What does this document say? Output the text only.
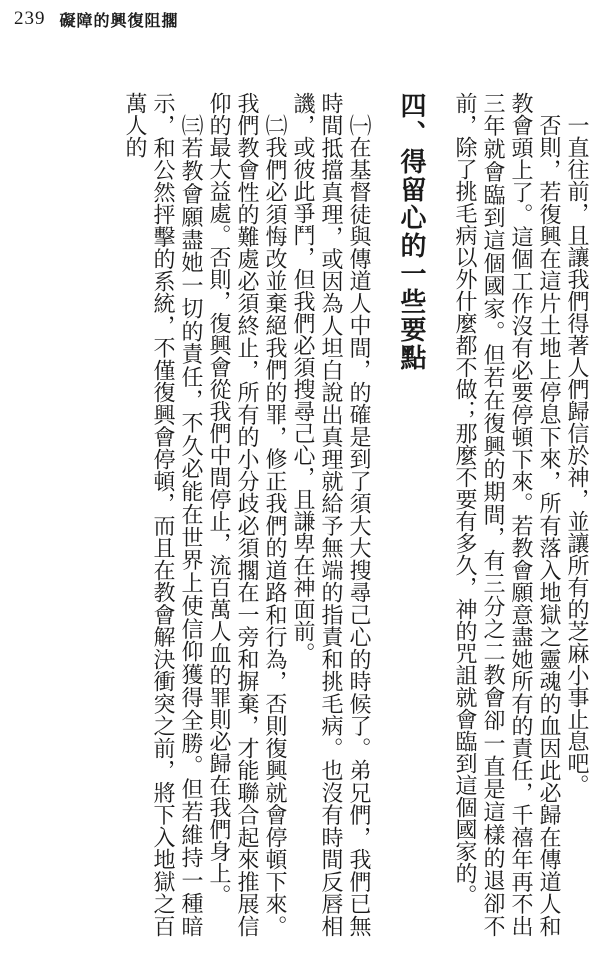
239 礙障的興復阻擱

一直往前，且讓我們得著人們歸信於神，並讓所有的芝麻小事止息吧。

否則，若復興在這片土地上停息下來，所有落入地獄之靈魂的血因此必歸在傳道人和教會頭上了。這個工作沒有必要停頓下來。若教會願意盡她所有的責任，千禧年再不出三年就會臨到這個國家。但若在復興的期間，有三分之二教會卻一直是這樣的退卻不前，除了挑毛病以外什麼都不做；那麼不要有多久，神的咒詛就會臨到這個國家的。

四、得留心的一些要點

㈠在基督徒與傳道人中間，的確是到了須大大搜尋己心的時候了。弟兄們，我們已無時間抵擋真理，或因為人坦白說出真理就給予無端的指責和挑毛病。也沒有時間反唇相譏，或彼此爭鬥，但我們必須搜尋己心，且謙卑在神面前。

㈡我們必須悔改並棄絕我們的罪，修正我們的道路和行為，否則復興就會停頓下來。我們教會性的難處必須終止，所有的小分歧必須擱在一旁和摒棄，才能聯合起來推展信仰的最大益處。否則，復興會從我們中間停止，流百萬人血的罪則必歸在我們身上。

㈢若教會願盡她一切的責任，不久必能在世界上使信仰獲得全勝。但若維持一種暗示，和公然抨擊的系統，不僅復興會停頓，而且在教會解決衝突之前，將下入地獄之百萬人的
